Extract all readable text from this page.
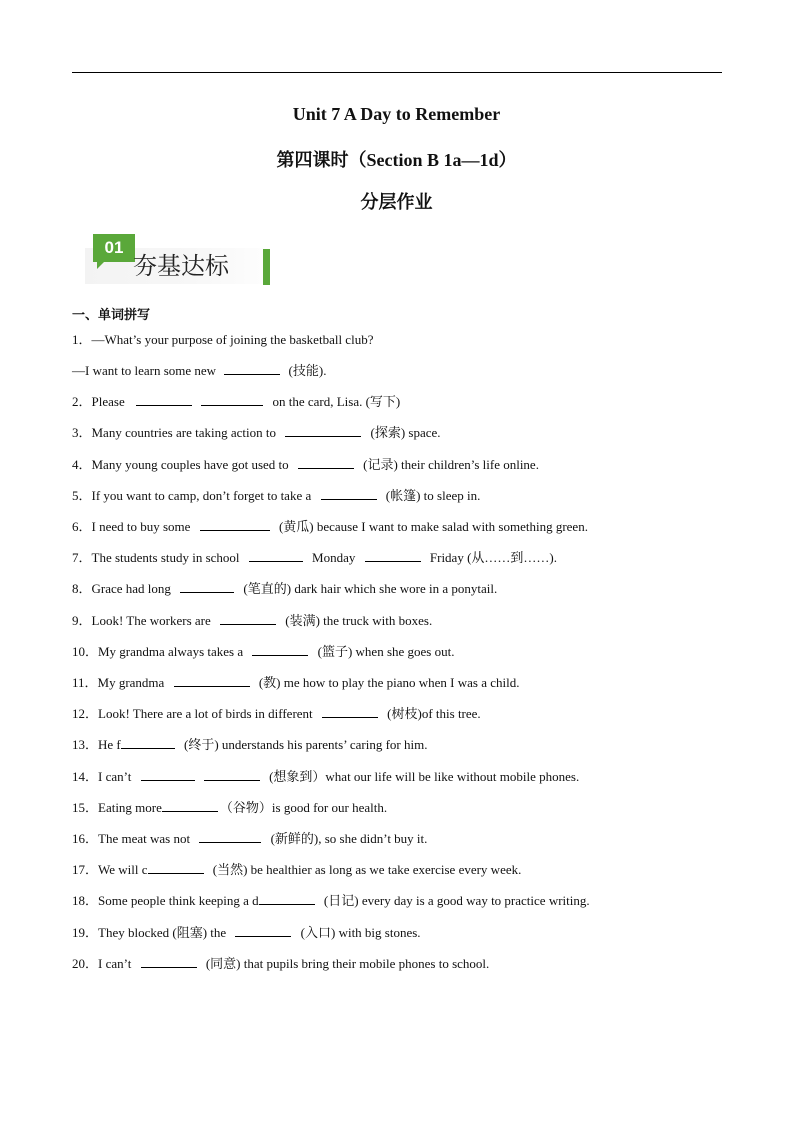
Unit 7 A Day to Remember
第四课时（Section B 1a—1d）
分层作业
01
夯基达标
一、单词拼写
1．—What’s your purpose of joining the basketball club?
—I want to learn some new	(技能).
2．Please	on the card, Lisa. (写下)
3．Many countries are taking action to	(探索) space.
4．Many young couples have got used to	(记录) their children’s life online.
5．If you want to camp, don’t forget to take a	(帐篷) to sleep in.
6．I need to buy some	(黄瓜) because I want to make salad with something green.
7．The students study in school	Monday	Friday (从……到……).
8．Grace had long	(笔直的) dark hair which she wore in a ponytail.
9．Look! The workers are	(装满) the truck with boxes.
10．My grandma always takes a	(篮子) when she goes out.
11．My grandma	(教) me how to play the piano when I was a child.
12．Look! There are a lot of birds in different	(树枝)of this tree.
13．He f	(终于) understands his parents’ caring for him.
14．I can’t	(想象到）what our life will be like without mobile phones.
15．Eating more	（谷物）is good for our health.
16．The meat was not	(新鲜的), so she didn’t buy it.
17．We will c	(当然) be healthier as long as we take exercise every week.
18．Some people think keeping a d	(日记) every day is a good way to practice writing.
19．They blocked (阻塞) the	(入口) with big stones.
20．I can’t	(同意) that pupils bring their mobile phones to school.
